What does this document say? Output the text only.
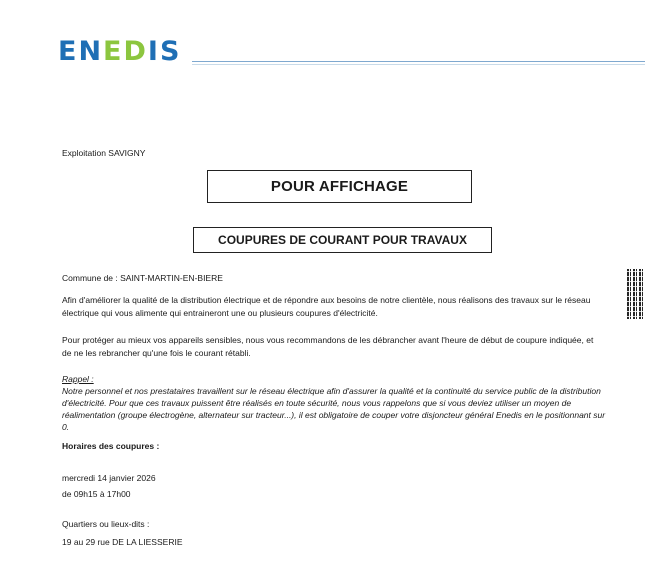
ENEDIS
Exploitation SAVIGNY
POUR AFFICHAGE
COUPURES DE COURANT POUR TRAVAUX
Commune de : SAINT-MARTIN-EN-BIERE
Afin d'améliorer la qualité de la distribution électrique et de répondre aux besoins de notre clientèle, nous réalisons des travaux sur le réseau électrique qui vous alimente qui entraineront une ou plusieurs coupures d'électricité.
Pour protéger au mieux vos appareils sensibles, nous vous recommandons de les débrancher avant l'heure de début de coupure indiquée, et de ne les rebrancher qu'une fois le courant rétabli.
Rappel :
Notre personnel et nos prestataires travaillent sur le réseau électrique afin d'assurer la qualité et la continuité du service public de la distribution d'électricité. Pour que ces travaux puissent être réalisés en toute sécurité, nous vous rappelons que si vous deviez utiliser un moyen de réalimentation (groupe électrogène, alternateur sur tracteur...), il est obligatoire de couper votre disjoncteur général Enedis en le positionnant sur 0.
Horaires des coupures :
mercredi 14 janvier 2026
de 09h15 à 17h00
Quartiers ou lieux-dits :
19 au 29 rue DE LA LIESSERIE
